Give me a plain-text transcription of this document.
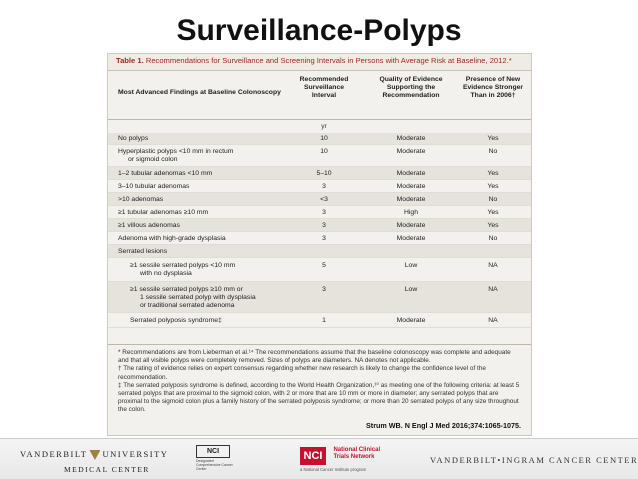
Surveillance-Polyps
Table 1. Recommendations for Surveillance and Screening Intervals in Persons with Average Risk at Baseline, 2012.*
Most Advanced Findings at Baseline Colonoscopy
Recommended Surveillance Interval
Quality of Evidence Supporting the Recommendation
Presence of New Evidence Stronger Than in 2006†
yr
No polyps	10	Moderate	Yes
Hyperplastic polyps <10 mm in rectum
or sigmoid colon
10	Moderate	No
1–2 tubular adenomas <10 mm	5–10	Moderate	Yes
3–10 tubular adenomas	3	Moderate	Yes
>10 adenomas	<3	Moderate	No
≥1 tubular adenomas ≥10 mm	3	High	Yes
≥1 villous adenomas	3	Moderate	Yes
Adenoma with high-grade dysplasia	3	Moderate	No
Serrated lesions
≥1 sessile serrated polyps <10 mm
with no dysplasia
5	Low	NA
≥1 sessile serrated polyps ≥10 mm or
1 sessile serrated polyp with dysplasia
or traditional serrated adenoma
3	Low	NA
Serrated polyposis syndrome‡	1	Moderate	NA

* Recommendations are from Lieberman et al.¹⁴ The recommendations assume that the baseline colonoscopy was complete and adequate and that all visible polyps were completely removed. Sizes of polyps are diameters. NA denotes not applicable.

† The rating of evidence relies on expert consensus regarding whether new research is likely to change the confidence level of the recommendation.

‡ The serrated polyposis syndrome is defined, according to the World Health Organization,¹⁰ as meeting one of the following criteria: at least 5 serrated polyps that are proximal to the sigmoid colon, with 2 or more that are 10 mm or more in diameter; any serrated polyps that are proximal to the sigmoid colon plus a family history of the serrated polyposis syndrome; or more than 20 serrated polyps of any size throughout the colon.

Strum WB. N Engl J Med 2016;374:1065-1075.
VANDERBILT UNIVERSITY
MEDICAL CENTER
NCI
Designated Comprehensive Cancer Center
NCI National Clinical
Trials Network
a National Cancer Institute program
VANDERBILT•INGRAM CANCER CENTER
